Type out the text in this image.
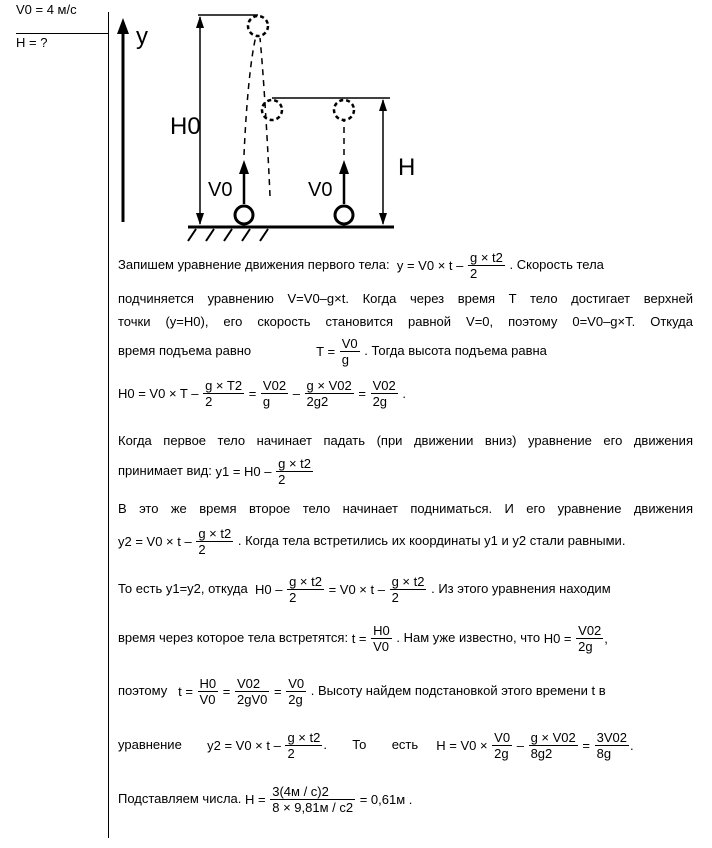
V0 = 4 м/с
H = ?	y
H0
H
V0	V0
Запишем уравнение движения первого тела: $y = V0 \times t - \frac{g \times t2}{2}$ . Скорость тела
подчиняется уравнению V=V0–g×t. Когда через время T тело достигает верхней
точки (y=H0), его скорость становится равной V=0, поэтому 0=V0–g×T. Откуда
время подъема равно	$T = \frac{V0}{g}$ . Тогда высота подъема равна
$H0 = V0 \times T - \frac{g \times T2}{2} = \frac{V02}{g} - \frac{g \times V02}{2g2} = \frac{V02}{2g}$ .
Когда первое тело начинает падать (при движении вниз) уравнение его движения
принимает вид: $y1 = H0 - \frac{g \times t2}{2}$
В это же время второе тело начинает подниматься. И его уравнение движения
$y2 = V0 \times t - \frac{g \times t2}{2}$ . Когда тела встретились их координаты y1 и y2 стали равными.
То есть y1=y2, откуда $H0 - \frac{g \times t2}{2} = V0 \times t - \frac{g \times t2}{2}$ . Из этого уравнения находим
время через которое тела встретятся: $t = \frac{H0}{V0}$ . Нам уже известно, что $H0 = \frac{V02}{2g}$ ,
поэтому $t = \frac{H0}{V0} = \frac{V02}{2gV0} = \frac{V0}{2g}$ . Высоту найдем подстановкой этого времени t в
уравнение $y2 = V0 \times t - \frac{g \times t2}{2}$ .       То есть $H = V0 \times \frac{V0}{2g} - \frac{g \times V02}{8g2} = \frac{3V02}{8g}$ .
Подставляем числа. H =
3(4м / с)2
8 × 9,81м / с2
= 0,61м .
